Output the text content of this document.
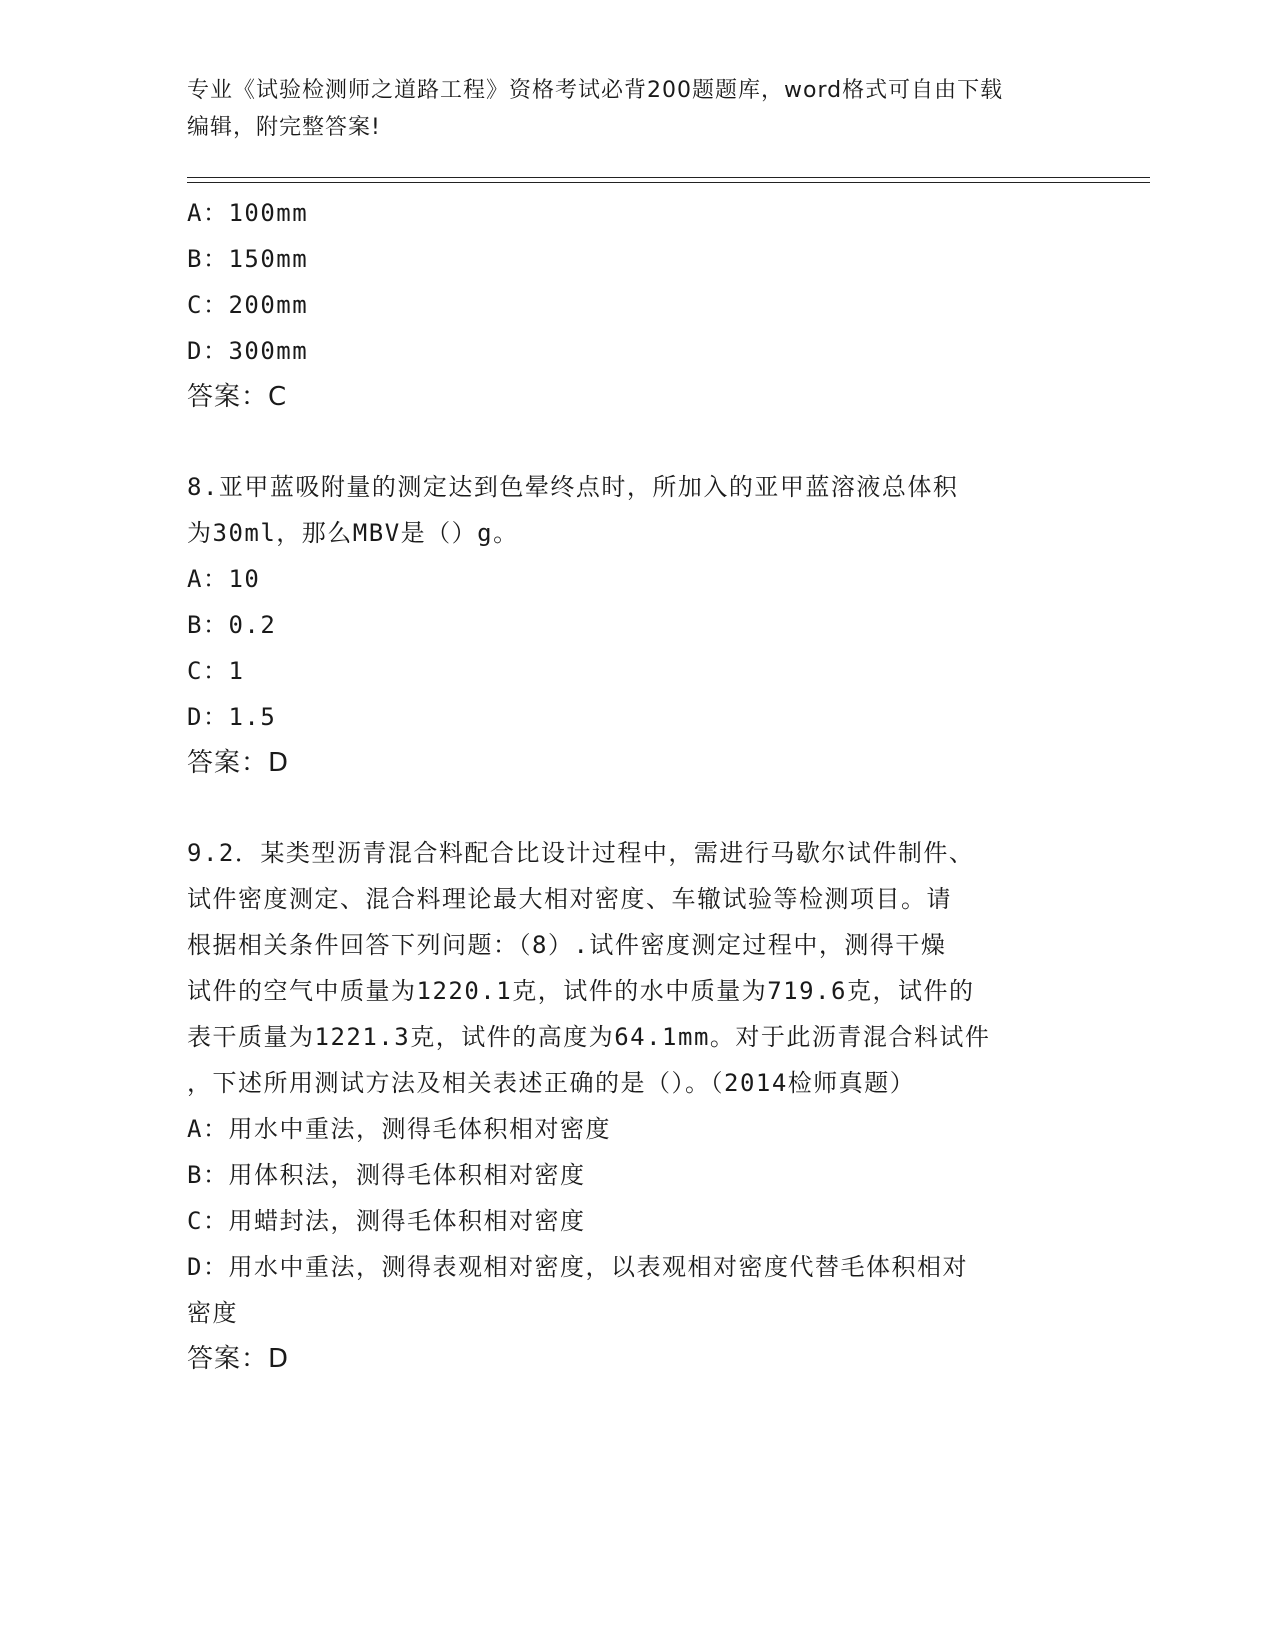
专业《试验检测师之道路工程》资格考试必背200题题库，word格式可自由下载
编辑，附完整答案!
A：100mm
B：150mm
C：200mm
D：300mm
答案：C
8.亚甲蓝吸附量的测定达到色晕终点时，所加入的亚甲蓝溶液总体积
为30ml，那么MBV是（）g。
A：10
B：0.2
C：1
D：1.5
答案：D
9.2．某类型沥青混合料配合比设计过程中，需进行马歇尔试件制件、
试件密度测定、混合料理论最大相对密度、车辙试验等检测项目。请
根据相关条件回答下列问题：（8）.试件密度测定过程中，测得干燥
试件的空气中质量为1220.1克，试件的水中质量为719.6克，试件的
表干质量为1221.3克，试件的高度为64.1mm。对于此沥青混合料试件
，下述所用测试方法及相关表述正确的是（）。（2014检师真题）
A：用水中重法，测得毛体积相对密度
B：用体积法，测得毛体积相对密度
C：用蜡封法，测得毛体积相对密度
D：用水中重法，测得表观相对密度，以表观相对密度代替毛体积相对
密度
答案：D
